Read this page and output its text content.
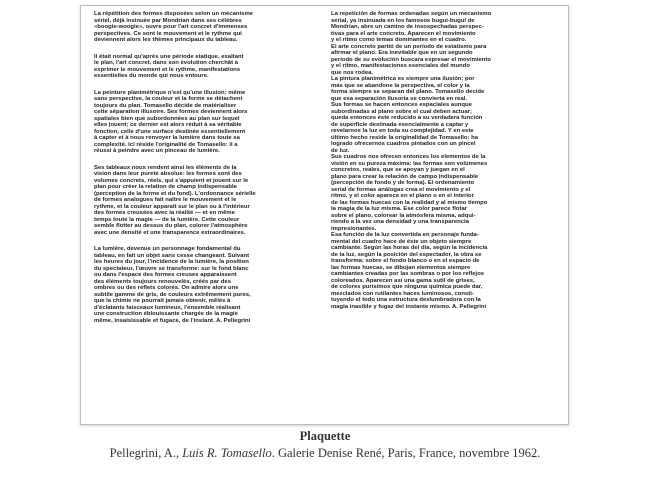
La répétition des formes disposées selon un mécanisme
sériel, déjà insinuée par Mondrian dans ses célèbres
«boogie-woogie», ouvre pour l'art concret d'immenses
perspectives. Ce sont le mouvement et le rythme qui
deviennent alors les thèmes principaux du tableau.

Il était normal qu'après une période statique, exaltant
le plan, l'art concret, dans son évolution cherchât à
exprimer le mouvement et le rythme, manifestations
essentielles du monde qui nous entoure.

La peinture planimétrique n'est qu'une illusion: même
sans perspective, la couleur et la forme se détachent
toujours du plan. Tomasello décide de matérialiser
cette séparation illusoire. Ses formes deviennent alors
spatiales bien que subordonnées au plan sur lequel
elles jouent; ce dernier est alors réduit à sa véritable
fonction, celle d'une surface destinée essentiellement
à capter et à nous renvoyer la lumière dans toute sa
complexité. Ici réside l'originalité de Tomasello: il a
réussi à peindre avec un pinceau de lumière.

Ses tableaux nous rendent ainsi les éléments de la
vision dans leur pureté absolue: les formes sont des
volumes concrets, réels, qui s'appuient et jouent sur le
plan pour créer la relation de champ indispensable
(perception de la forme et du fond). L'ordonnance sérielle
de formes analogues fait naître le mouvement et le
rythme, et la couleur apparaît sur le plan ou à l'intérieur
des formes creusées avec la réalité — et en même
temps toute la magie — de la lumière. Cette couleur
semble flotter au dessus du plan, colorer l'atmosphère
avec une densité et une transparence extraordinaires.

La lumière, devenue un personnage fondamental du
tableau, en fait un objet sans cesse changeant. Suivant
les heures du jour, l'incidence de la lumière, la position
du spectateur, l'œuvre se transforme: sur le fond blanc
ou dans l'espace des formes creuses apparaissent
des éléments toujours renouvelés, créés par des
ombres ou des reflets colorés. On admire alors une
subtile gamme de gris, de couleurs extrêmement pures,
que la chimie ne pourrait jamais obtenir, mêlés à
d'éclatants faisceaux lumineux, l'ensemble réalisant
une construction éblouissante chargée de la magie
même, insaisissable et fugace, de l'instant. A. Pellegrini

La repetición de formas ordenadas según un mecanismo
serial, ya insinuada en los famosos bugui-buguí de
Mondrian, abre un camino de insospechadas perspec-
tivas para el arte concreto. Aparecen el movimiento
y el ritmo como temas dominantes en el cuadro.
El arte concreto partió de un período de estatismo para
afirmar el plano. Era inevitable que en un segundo
período de su evolución buscara expresar el movimiento
y el ritmo, manifestaciones esenciales del mundo
que nos rodea.
La pintura planimétrica es siempre una ilusión; por
más que se abandone la perspectiva, el color y la
forma siempre se separan del plano. Tomasello decide
que esa separación ilusoria se convierta en real.
Sus formas se hacen entonces espaciales aunque
subordinadas al plano sobre el cual deben actuar;
queda entonces éste reducido a su verdadera función
de superficie destinada esencialmente a captar y
revelarnos la luz en toda su complejidad. Y en este
último hecho reside la originalidad de Tomasello: ha
logrado ofrecernos cuadros pintados con un pincel
de luz.
Sus cuadros nos ofrecen entonces los elementos de la
visión en su pureza máxima: las formas son volúmenes
concretos, reales, que se apoyan y juegan en el
plano para crear la relación de campo indispensable
(percepción de fondo y de forma). El ordenamiento
serial de formas análogas crea el movimiento y el
ritmo, y el color aparece en el plano o en el interior
de las formas huecas con la realidad y al mismo tiempo
la magia de la luz misma. Ese color parece flotar
sobre el plano, colorear la atmósfera misma, adqui-
riendo a la vez una densidad y una transparencia
impresionantes.
Esa función de la luz convertida en personaje funda-
mental del cuadro hace de éste un objeto siempre
cambiante. Según las horas del día, según la incidencia
de la luz, según la posición del espectador, la obra se
transforma: sobre el fondo blanco o en el espacio de
las formas huecas, se dibujan elementos siempre
cambiantes creadas por las sombras o por los reflejos
coloreados. Aparecen así una gama sutil de grises,
de colores purísimos que ninguna química puede dar,
mezclados con rutilantes haces luminosos, consti-
tuyendo el todo una estructura deslumbradora con la
magia inasible y fugaz del instante mismo. A. Pellegrini

Plaquette
Pellegrini, A., Luis R. Tomasello. Galerie Denise René, Paris, France, novembre 1962.
